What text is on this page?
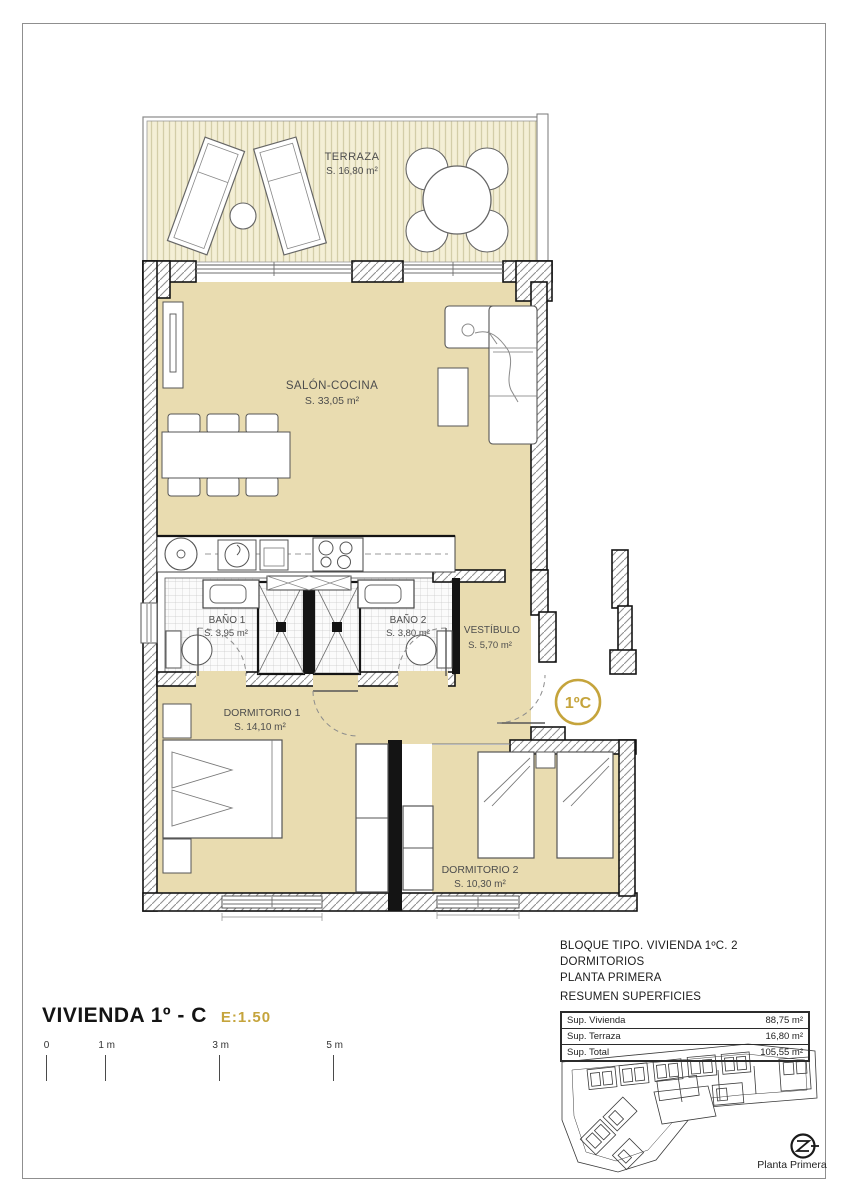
TERRAZA
S. 16,80 m²
SALÓN-COCINA
S. 33,05 m²
BAÑO 1
S. 3,95 m²
BAÑO 2
S. 3,80 m²	VESTÍBULO
S. 5,70 m²
DORMITORIO 1
S. 14,10 m²
DORMITORIO 2
S. 10,30 m²
1ºC
Planta Primera
VIVIENDA 1º - C E:1.50
0	1 m	3 m	5 m
BLOQUE TIPO. VIVIENDA 1ºC. 2 DORMITORIOS
PLANTA PRIMERA
RESUMEN SUPERFICIES
Sup. Vivienda	88,75 m²
Sup. Terraza	16,80 m²
Sup. Total	105,55 m²
